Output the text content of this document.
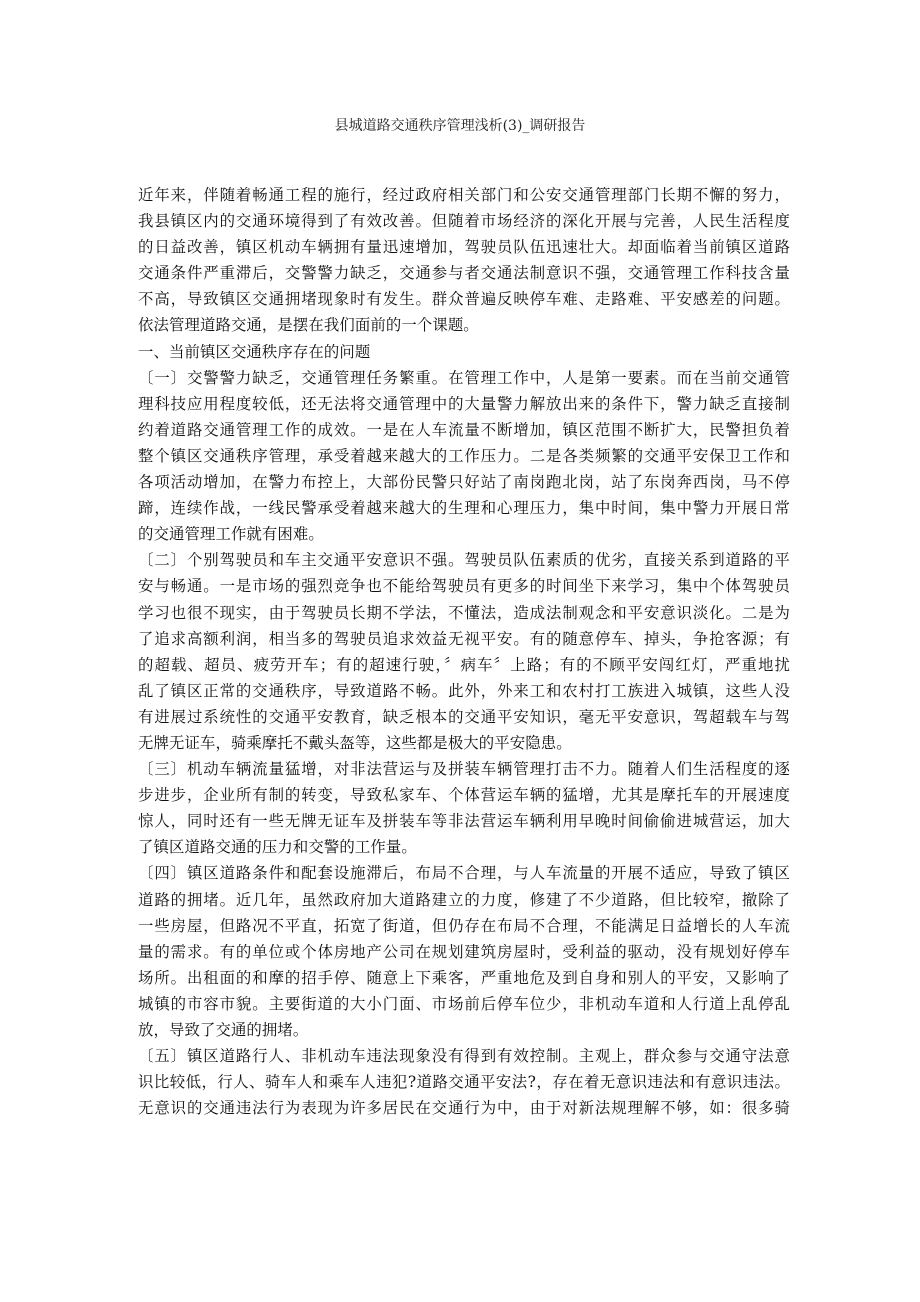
县城道路交通秩序管理浅析(3)_调研报告
近年来，伴随着畅通工程的施行，经过政府相关部门和公安交通管理部门长期不懈的努力，
我县镇区内的交通环境得到了有效改善。但随着市场经济的深化开展与完善，人民生活程度
的日益改善，镇区机动车辆拥有量迅速增加，驾驶员队伍迅速壮大。却面临着当前镇区道路
交通条件严重滞后，交警警力缺乏，交通参与者交通法制意识不强，交通管理工作科技含量
不高，导致镇区交通拥堵现象时有发生。群众普遍反映停车难、走路难、平安感差的问题。
依法管理道路交通，是摆在我们面前的一个课题。
一、当前镇区交通秩序存在的问题
〔一〕交警警力缺乏，交通管理任务繁重。在管理工作中，人是第一要素。而在当前交通管
理科技应用程度较低，还无法将交通管理中的大量警力解放出来的条件下，警力缺乏直接制
约着道路交通管理工作的成效。一是在人车流量不断增加，镇区范围不断扩大，民警担负着
整个镇区交通秩序管理，承受着越来越大的工作压力。二是各类频繁的交通平安保卫工作和
各项活动增加，在警力布控上，大部份民警只好站了南岗跑北岗，站了东岗奔西岗，马不停
蹄，连续作战，一线民警承受着越来越大的生理和心理压力，集中时间，集中警力开展日常
的交通管理工作就有困难。
〔二〕个别驾驶员和车主交通平安意识不强。驾驶员队伍素质的优劣，直接关系到道路的平
安与畅通。一是市场的强烈竞争也不能给驾驶员有更多的时间坐下来学习，集中个体驾驶员
学习也很不现实，由于驾驶员长期不学法，不懂法，造成法制观念和平安意识淡化。二是为
了追求高额利润，相当多的驾驶员追求效益无视平安。有的随意停车、掉头，争抢客源；有
的超载、超员、疲劳开车；有的超速行驶，〞病车〞上路；有的不顾平安闯红灯，严重地扰
乱了镇区正常的交通秩序，导致道路不畅。此外，外来工和农村打工族进入城镇，这些人没
有进展过系统性的交通平安教育，缺乏根本的交通平安知识，毫无平安意识，驾超载车与驾
无牌无证车，骑乘摩托不戴头盔等，这些都是极大的平安隐患。
〔三〕机动车辆流量猛增，对非法营运与及拼装车辆管理打击不力。随着人们生活程度的逐
步进步，企业所有制的转变，导致私家车、个体营运车辆的猛增，尤其是摩托车的开展速度
惊人，同时还有一些无牌无证车及拼装车等非法营运车辆利用早晚时间偷偷进城营运，加大
了镇区道路交通的压力和交警的工作量。
〔四〕镇区道路条件和配套设施滞后，布局不合理，与人车流量的开展不适应，导致了镇区
道路的拥堵。近几年，虽然政府加大道路建立的力度，修建了不少道路，但比较窄，撤除了
一些房屋，但路况不平直，拓宽了街道，但仍存在布局不合理，不能满足日益增长的人车流
量的需求。有的单位或个体房地产公司在规划建筑房屋时，受利益的驱动，没有规划好停车
场所。出租面的和摩的招手停、随意上下乘客，严重地危及到自身和别人的平安，又影响了
城镇的市容市貌。主要街道的大小门面、市场前后停车位少，非机动车道和人行道上乱停乱
放，导致了交通的拥堵。
〔五〕镇区道路行人、非机动车违法现象没有得到有效控制。主观上，群众参与交通守法意
识比较低，行人、骑车人和乘车人违犯?道路交通平安法?，存在着无意识违法和有意识违法。
无意识的交通违法行为表现为许多居民在交通行为中，由于对新法规理解不够，如：很多骑
